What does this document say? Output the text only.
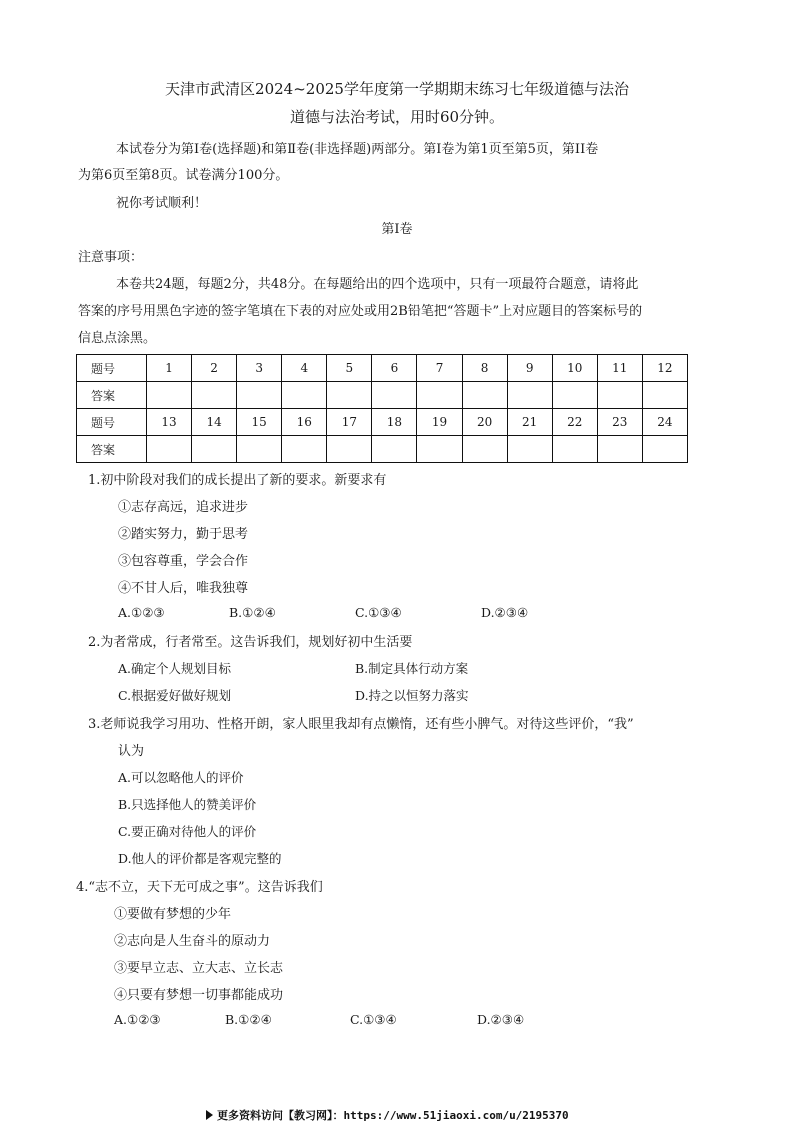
天津市武清区2024~2025学年度第一学期期末练习七年级道德与法治
道德与法治考试，用时60分钟。
本试卷分为第Ⅰ卷(选择题)和第Ⅱ卷(非选择题)两部分。第Ⅰ卷为第1页至第5页，第II卷
为第6页至第8页。试卷满分100分。
祝你考试顺利！
第Ⅰ卷
注意事项：
本卷共24题，每题2分，共48分。在每题给出的四个选项中，只有一项最符合题意，请将此
答案的序号用黑色字迹的签字笔填在下表的对应处或用2B铅笔把“答题卡”上对应题目的答案标号的
信息点涂黑。
题号	1	2	3	4	5	6	7	8	9	10	11	12
答案												
题号	13	14	15	16	17	18	19	20	21	22	23	24
答案												
1.初中阶段对我们的成长提出了新的要求。新要求有
①志存高远，追求进步
②踏实努力，勤于思考
③包容尊重，学会合作
④不甘人后，唯我独尊
A.①②③	B.①②④	C.①③④	D.②③④
2.为者常成，行者常至。这告诉我们，规划好初中生活要
A.确定个人规划目标	B.制定具体行动方案
C.根据爱好做好规划	D.持之以恒努力落实
3.老师说我学习用功、性格开朗，家人眼里我却有点懒惰，还有些小脾气。对待这些评价，“我”
认为
A.可以忽略他人的评价
B.只选择他人的赞美评价
C.要正确对待他人的评价
D.他人的评价都是客观完整的
4.“志不立，天下无可成之事”。这告诉我们
①要做有梦想的少年
②志向是人生奋斗的原动力
③要早立志、立大志、立长志
④只要有梦想一切事都能成功
A.①②③	B.①②④	C.①③④	D.②③④
更多资料访问【教习网】：https://www.51jiaoxi.com/u/2195370
